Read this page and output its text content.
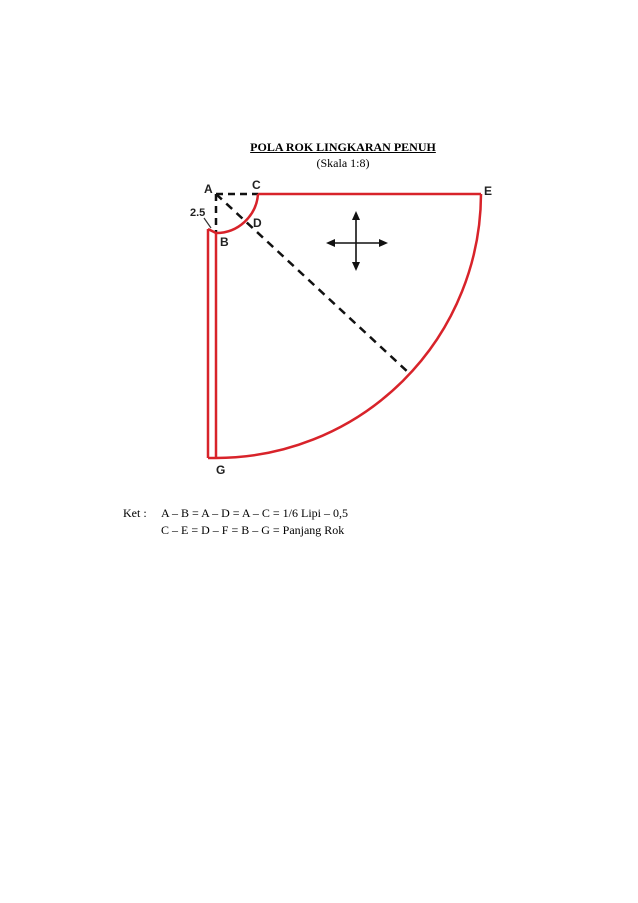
POLA ROK LINGKARAN PENUH
(Skala 1:8)
A	C
D
B
E
G
2.5
Ket :	A – B = A – D = A – C = 1/6 Lipi – 0,5
C – E = D – F = B – G = Panjang Rok
